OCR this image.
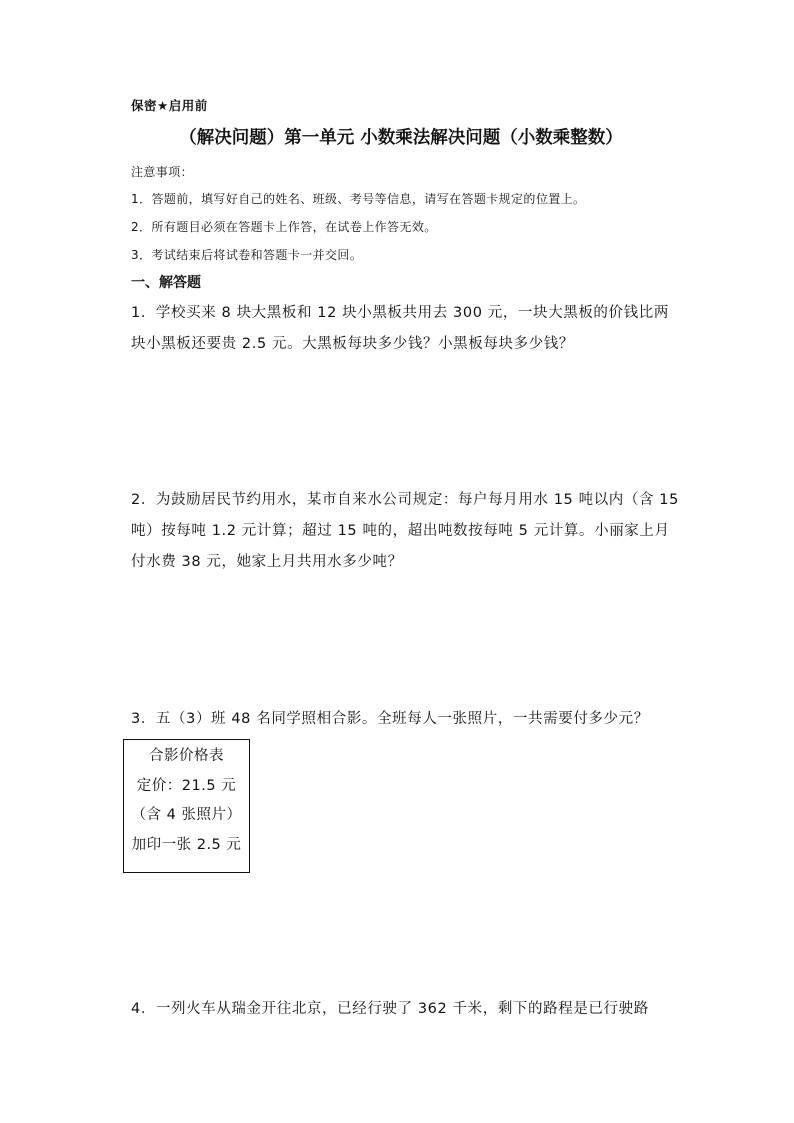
保密★启用前
（解决问题）第一单元 小数乘法解决问题（小数乘整数）
注意事项：
1．答题前，填写好自己的姓名、班级、考号等信息，请写在答题卡规定的位置上。
2．所有题目必须在答题卡上作答，在试卷上作答无效。
3．考试结束后将试卷和答题卡一并交回。
一、解答题
1．学校买来 8 块大黑板和 12 块小黑板共用去 300 元，一块大黑板的价钱比两块小黑板还要贵 2.5 元。大黑板每块多少钱？小黑板每块多少钱？
2．为鼓励居民节约用水，某市自来水公司规定：每户每月用水 15 吨以内（含 15 吨）按每吨 1.2 元计算；超过 15 吨的，超出吨数按每吨 5 元计算。小丽家上月付水费 38 元，她家上月共用水多少吨？
3．五（3）班 48 名同学照相合影。全班每人一张照片，一共需要付多少元？
合影价格表
定价：21.5 元
（含 4 张照片）
加印一张 2.5 元
4．一列火车从瑞金开往北京，已经行驶了 362 千米，剩下的路程是已行驶路
